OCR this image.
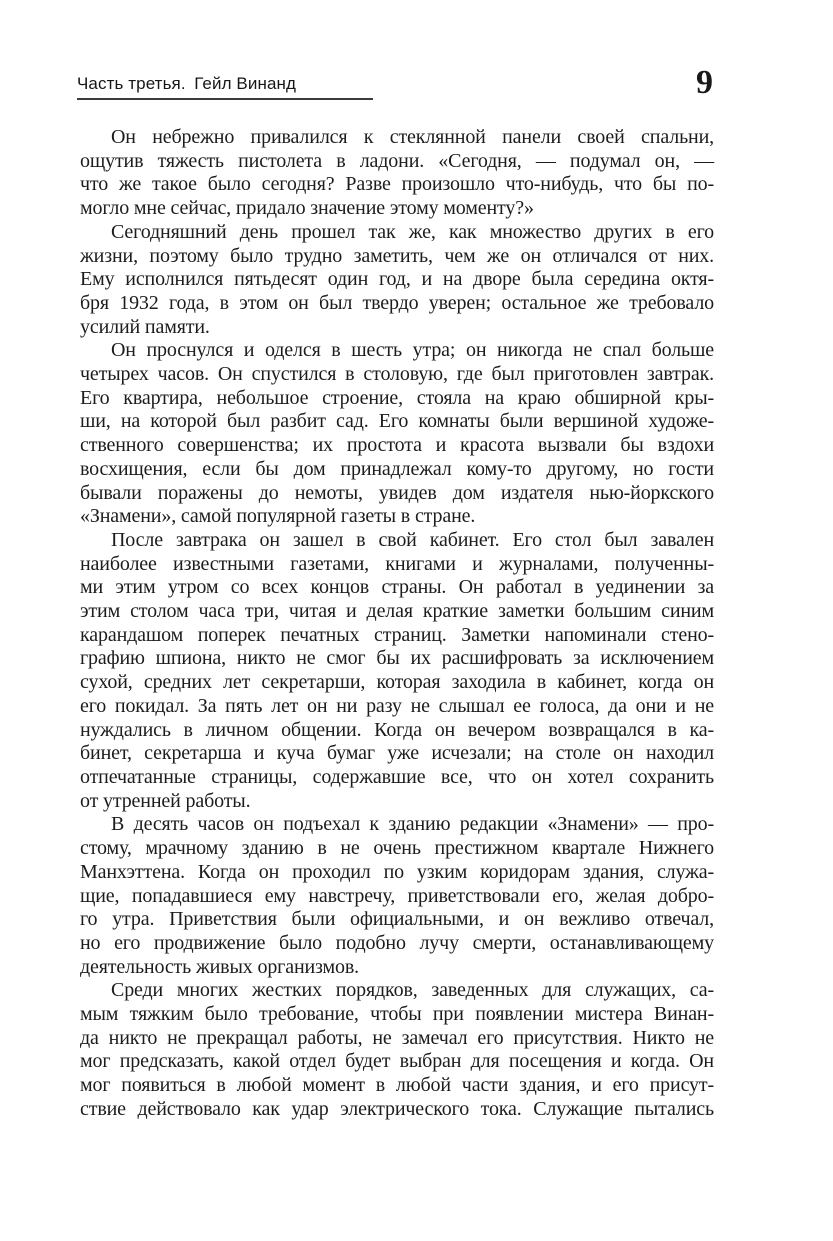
Часть третья. Гейл Винанд	9
Он небрежно привалился к стеклянной панели своей спальни,
ощутив тяжесть пистолета в ладони. «Сегодня, — подумал он, —
что же такое было сегодня? Разве произошло что-нибудь, что бы по-
могло мне сейчас, придало значение этому моменту?»
Сегодняшний день прошел так же, как множество других в его
жизни, поэтому было трудно заметить, чем же он отличался от них.
Ему исполнился пятьдесят один год, и на дворе была середина октя-
бря 1932 года, в этом он был твердо уверен; остальное же требовало
усилий памяти.
Он проснулся и оделся в шесть утра; он никогда не спал больше
четырех часов. Он спустился в столовую, где был приготовлен завтрак.
Его квартира, небольшое строение, стояла на краю обширной кры-
ши, на которой был разбит сад. Его комнаты были вершиной художе-
ственного совершенства; их простота и красота вызвали бы вздохи
восхищения, если бы дом принадлежал кому-то другому, но гости
бывали поражены до немоты, увидев дом издателя нью-йоркского
«Знамени», самой популярной газеты в стране.
После завтрака он зашел в свой кабинет. Его стол был завален
наиболее известными газетами, книгами и журналами, полученны-
ми этим утром со всех концов страны. Он работал в уединении за
этим столом часа три, читая и делая краткие заметки большим синим
карандашом поперек печатных страниц. Заметки напоминали стено-
графию шпиона, никто не смог бы их расшифровать за исключением
сухой, средних лет секретарши, которая заходила в кабинет, когда он
его покидал. За пять лет он ни разу не слышал ее голоса, да они и не
нуждались в личном общении. Когда он вечером возвращался в ка-
бинет, секретарша и куча бумаг уже исчезали; на столе он находил
отпечатанные страницы, содержавшие все, что он хотел сохранить
от утренней работы.
В десять часов он подъехал к зданию редакции «Знамени» — про-
стому, мрачному зданию в не очень престижном квартале Нижнего
Манхэттена. Когда он проходил по узким коридорам здания, служа-
щие, попадавшиеся ему навстречу, приветствовали его, желая добро-
го утра. Приветствия были официальными, и он вежливо отвечал,
но его продвижение было подобно лучу смерти, останавливающему
деятельность живых организмов.
Среди многих жестких порядков, заведенных для служащих, са-
мым тяжким было требование, чтобы при появлении мистера Винан-
да никто не прекращал работы, не замечал его присутствия. Никто не
мог предсказать, какой отдел будет выбран для посещения и когда. Он
мог появиться в любой момент в любой части здания, и его присут-
ствие действовало как удар электрического тока. Служащие пытались
